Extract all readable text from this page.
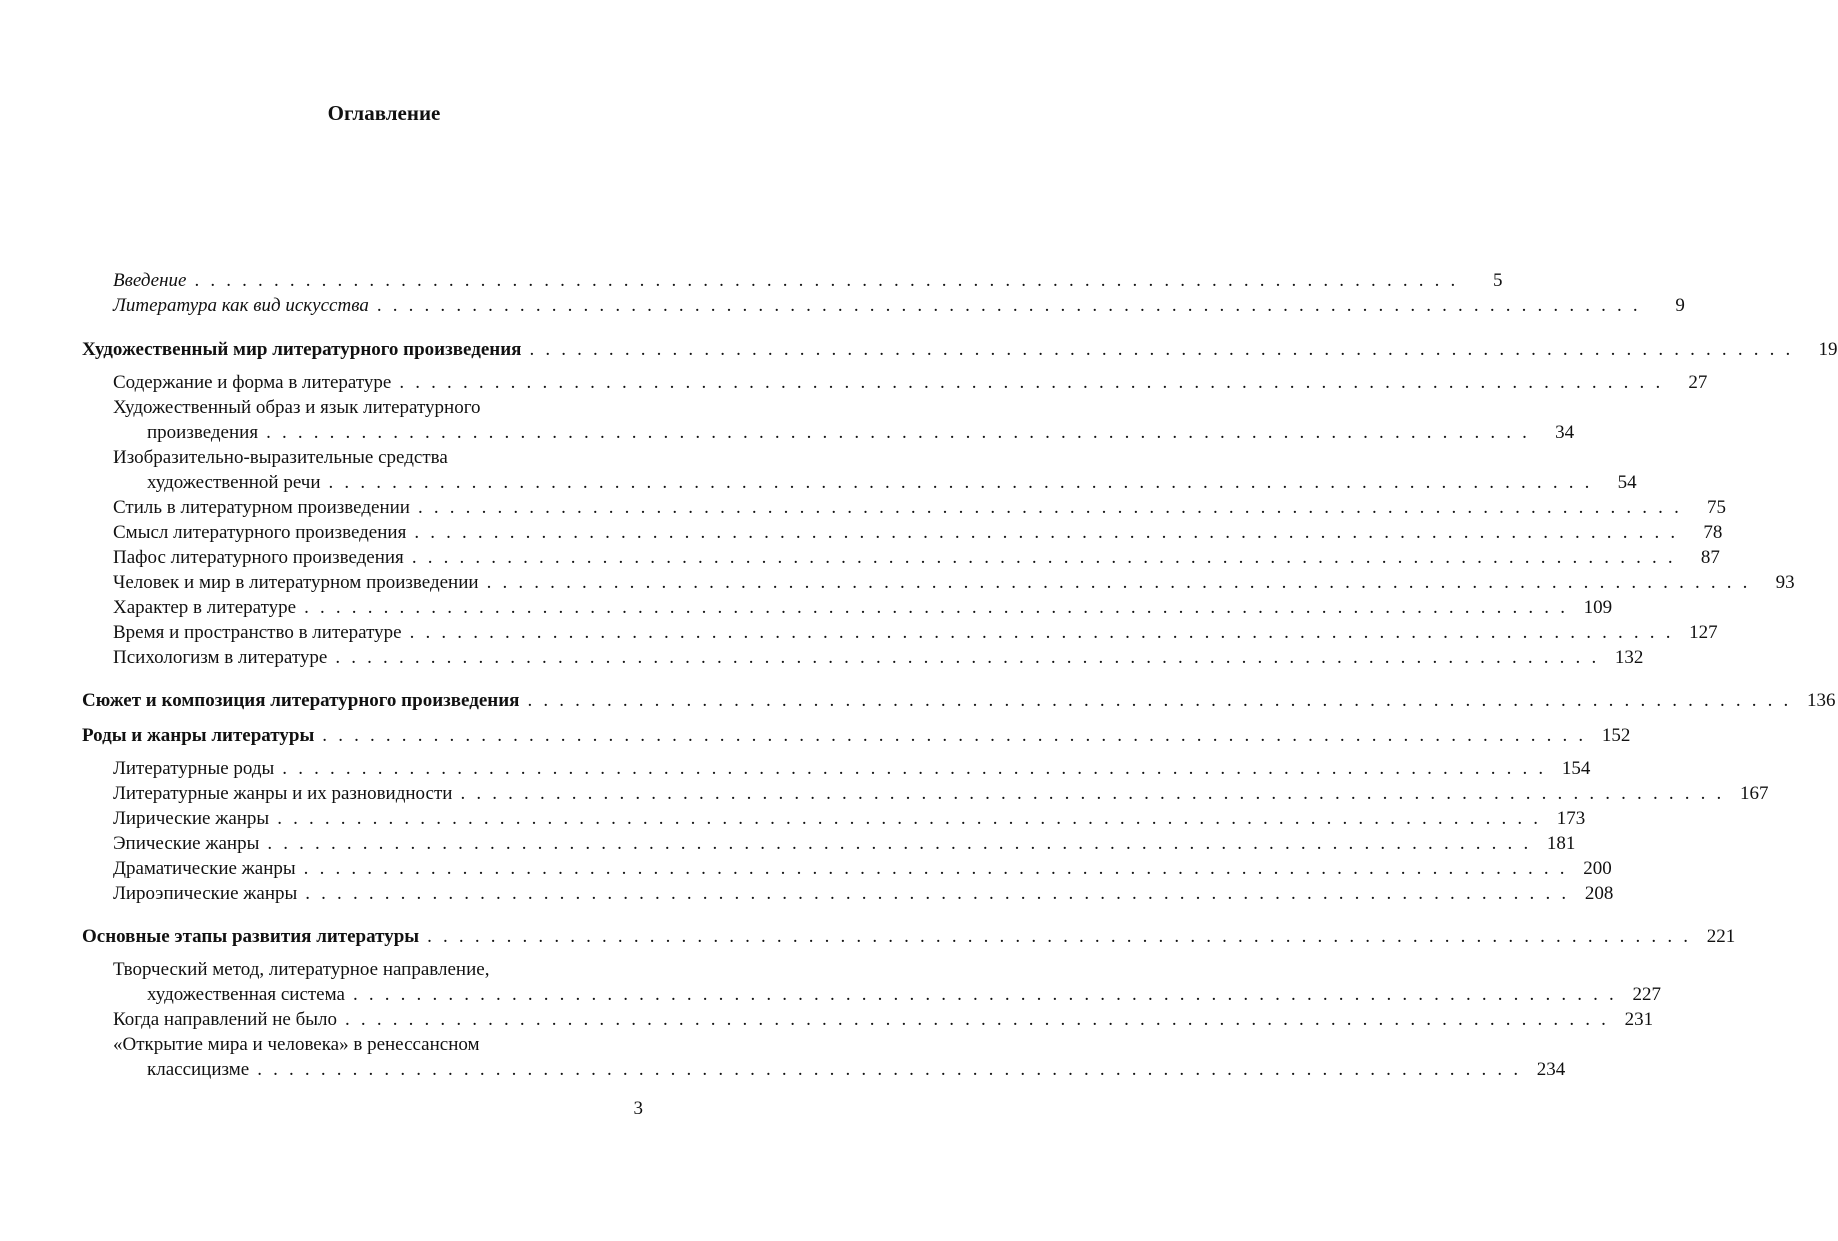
Оглавление
Введение . . . . . . . . . . . . . . . . . . . . . . . . . . . . . . . . . . . . . . . . . . . . . . . . . . . . . . . . . . . . . . . . . . . . . . . . . . . . . . . .	5
Литература как вид искусства . . . . . . . . . . . . . . . . . . . . . . . . . . . . . . . . . . . . . . . . . . . . . . . . . . . . . . . . . . . . . . . . . . . . . . . . . . . . . . . .	9
Художественный мир литературного произведения . . . . . . . . . . . . . . . . . . . . . . . . . . . . . . . . . . . . . . . . . . . . . . . . . . . . . . . . . . . . . . . . . . . . . . . . . . . . . . . .	19
Содержание и форма в литературе . . . . . . . . . . . . . . . . . . . . . . . . . . . . . . . . . . . . . . . . . . . . . . . . . . . . . . . . . . . . . . . . . . . . . . . . . . . . . . . .	27
Художественный образ и язык литературного
произведения . . . . . . . . . . . . . . . . . . . . . . . . . . . . . . . . . . . . . . . . . . . . . . . . . . . . . . . . . . . . . . . . . . . . . . . . . . . . . . . .	34
Изобразительно-выразительные средства
художественной речи . . . . . . . . . . . . . . . . . . . . . . . . . . . . . . . . . . . . . . . . . . . . . . . . . . . . . . . . . . . . . . . . . . . . . . . . . . . . . . . .	54
Стиль в литературном произведении . . . . . . . . . . . . . . . . . . . . . . . . . . . . . . . . . . . . . . . . . . . . . . . . . . . . . . . . . . . . . . . . . . . . . . . . . . . . . . . .	75
Смысл литературного произведения . . . . . . . . . . . . . . . . . . . . . . . . . . . . . . . . . . . . . . . . . . . . . . . . . . . . . . . . . . . . . . . . . . . . . . . . . . . . . . . .	78
Пафос литературного произведения . . . . . . . . . . . . . . . . . . . . . . . . . . . . . . . . . . . . . . . . . . . . . . . . . . . . . . . . . . . . . . . . . . . . . . . . . . . . . . . .	87
Человек и мир в литературном произведении . . . . . . . . . . . . . . . . . . . . . . . . . . . . . . . . . . . . . . . . . . . . . . . . . . . . . . . . . . . . . . . . . . . . . . . . . . . . . . . .	93
Характер в литературе . . . . . . . . . . . . . . . . . . . . . . . . . . . . . . . . . . . . . . . . . . . . . . . . . . . . . . . . . . . . . . . . . . . . . . . . . . . . . . . . 109
Время и пространство в литературе . . . . . . . . . . . . . . . . . . . . . . . . . . . . . . . . . . . . . . . . . . . . . . . . . . . . . . . . . . . . . . . . . . . . . . . . . . . . . . . . 127
Психологизм в литературе . . . . . . . . . . . . . . . . . . . . . . . . . . . . . . . . . . . . . . . . . . . . . . . . . . . . . . . . . . . . . . . . . . . . . . . . . . . . . . . . 132
Сюжет и композиция литературного произведения . . . . . . . . . . . . . . . . . . . . . . . . . . . . . . . . . . . . . . . . . . . . . . . . . . . . . . . . . . . . . . . . . . . . . . . . . . . . . . . . 136
Роды и жанры литературы . . . . . . . . . . . . . . . . . . . . . . . . . . . . . . . . . . . . . . . . . . . . . . . . . . . . . . . . . . . . . . . . . . . . . . . . . . . . . . . . 152
Литературные роды . . . . . . . . . . . . . . . . . . . . . . . . . . . . . . . . . . . . . . . . . . . . . . . . . . . . . . . . . . . . . . . . . . . . . . . . . . . . . . . . 154
Литературные жанры и их разновидности . . . . . . . . . . . . . . . . . . . . . . . . . . . . . . . . . . . . . . . . . . . . . . . . . . . . . . . . . . . . . . . . . . . . . . . . . . . . . . . . 167
Лирические жанры . . . . . . . . . . . . . . . . . . . . . . . . . . . . . . . . . . . . . . . . . . . . . . . . . . . . . . . . . . . . . . . . . . . . . . . . . . . . . . . . 173
Эпические жанры . . . . . . . . . . . . . . . . . . . . . . . . . . . . . . . . . . . . . . . . . . . . . . . . . . . . . . . . . . . . . . . . . . . . . . . . . . . . . . . . 181
Драматические жанры . . . . . . . . . . . . . . . . . . . . . . . . . . . . . . . . . . . . . . . . . . . . . . . . . . . . . . . . . . . . . . . . . . . . . . . . . . . . . . . . 200
Лироэпические жанры . . . . . . . . . . . . . . . . . . . . . . . . . . . . . . . . . . . . . . . . . . . . . . . . . . . . . . . . . . . . . . . . . . . . . . . . . . . . . . . . 208
Основные этапы развития литературы . . . . . . . . . . . . . . . . . . . . . . . . . . . . . . . . . . . . . . . . . . . . . . . . . . . . . . . . . . . . . . . . . . . . . . . . . . . . . . . . 221
Творческий метод, литературное направление,
художественная система . . . . . . . . . . . . . . . . . . . . . . . . . . . . . . . . . . . . . . . . . . . . . . . . . . . . . . . . . . . . . . . . . . . . . . . . . . . . . . . . 227
Когда направлений не было . . . . . . . . . . . . . . . . . . . . . . . . . . . . . . . . . . . . . . . . . . . . . . . . . . . . . . . . . . . . . . . . . . . . . . . . . . . . . . . . 231
«Открытие мира и человека» в ренессансном
классицизме . . . . . . . . . . . . . . . . . . . . . . . . . . . . . . . . . . . . . . . . . . . . . . . . . . . . . . . . . . . . . . . . . . . . . . . . . . . . . . . . 234
3
